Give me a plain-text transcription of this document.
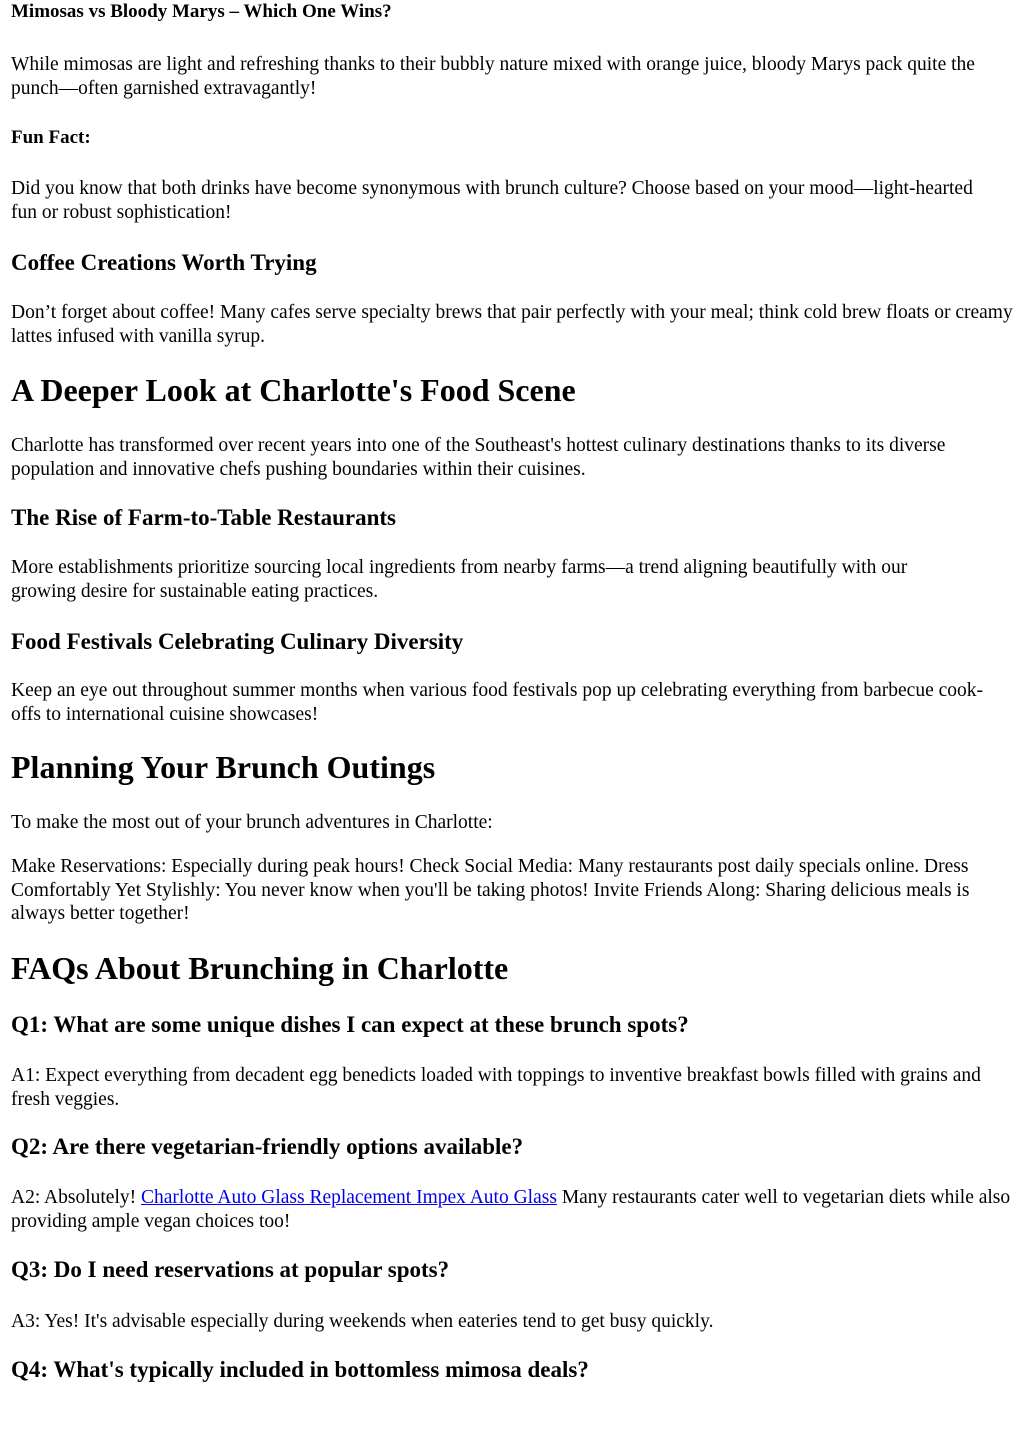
Mimosas vs Bloody Marys – Which One Wins?

While mimosas are light and refreshing thanks to their bubbly nature mixed with orange juice, bloody Marys pack quite the punch—often garnished extravagantly!

Fun Fact:

Did you know that both drinks have become synonymous with brunch culture? Choose based on your mood—light-hearted fun or robust sophistication!

Coffee Creations Worth Trying

Don’t forget about coffee! Many cafes serve specialty brews that pair perfectly with your meal; think cold brew floats or creamy lattes infused with vanilla syrup.

A Deeper Look at Charlotte's Food Scene

Charlotte has transformed over recent years into one of the Southeast's hottest culinary destinations thanks to its diverse population and innovative chefs pushing boundaries within their cuisines.

The Rise of Farm-to-Table Restaurants

More establishments prioritize sourcing local ingredients from nearby farms—a trend aligning beautifully with our growing desire for sustainable eating practices.

Food Festivals Celebrating Culinary Diversity

Keep an eye out throughout summer months when various food festivals pop up celebrating everything from barbecue cook-offs to international cuisine showcases!

Planning Your Brunch Outings

To make the most out of your brunch adventures in Charlotte:

Make Reservations: Especially during peak hours! Check Social Media: Many restaurants post daily specials online. Dress Comfortably Yet Stylishly: You never know when you'll be taking photos! Invite Friends Along: Sharing delicious meals is always better together!

FAQs About Brunching in Charlotte
Q1: What are some unique dishes I can expect at these brunch spots?

A1: Expect everything from decadent egg benedicts loaded with toppings to inventive breakfast bowls filled with grains and fresh veggies.

Q2: Are there vegetarian-friendly options available?

A2: Absolutely! Charlotte Auto Glass Replacement Impex Auto Glass Many restaurants cater well to vegetarian diets while also providing ample vegan choices too!

Q3: Do I need reservations at popular spots?

A3: Yes! It's advisable especially during weekends when eateries tend to get busy quickly.

Q4: What's typically included in bottomless mimosa deals?
